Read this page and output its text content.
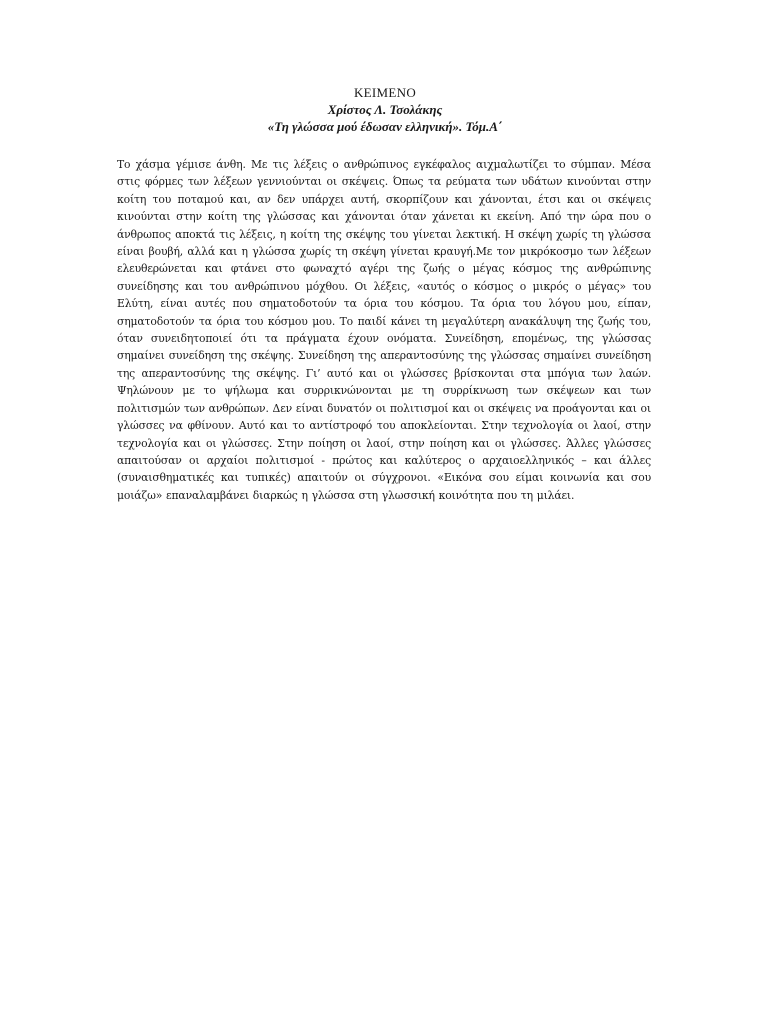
ΚΕΙΜΕΝΟ
Χρίστος Λ. Τσολάκης
«Τη γλώσσα μού έδωσαν ελληνική». Τόμ.Α΄

Το χάσμα γέμισε άνθη. Με τις λέξεις ο ανθρώπινος εγκέφαλος αιχμαλωτίζει το σύμπαν. Μέσα στις φόρμες των λέξεων γεννιούνται οι σκέψεις. Όπως τα ρεύματα των υδάτων κινούνται στην κοίτη του ποταμού και, αν δεν υπάρχει αυτή, σκορπίζουν και χάνονται, έτσι και οι σκέψεις κινούνται στην κοίτη της γλώσσας και χάνονται όταν χάνεται κι εκείνη. Από την ώρα που ο άνθρωπος αποκτά τις λέξεις, η κοίτη της σκέψης του γίνεται λεκτική. Η σκέψη χωρίς τη γλώσσα είναι βουβή, αλλά και η γλώσσα χωρίς τη σκέψη γίνεται κραυγή.Με τον μικρόκοσμο των λέξεων ελευθερώνεται και φτάνει στο φωναχτό αγέρι της ζωής ο μέγας κόσμος της ανθρώπινης συνείδησης και του ανθρώπινου μόχθου. Οι λέξεις, «αυτός ο κόσμος ο μικρός ο μέγας» του Ελύτη, είναι αυτές που σηματοδοτούν τα όρια του κόσμου. Τα όρια του λόγου μου, είπαν, σηματοδοτούν τα όρια του κόσμου μου. Το παιδί κάνει τη μεγαλύτερη ανακάλυψη της ζωής του, όταν συνειδητοποιεί ότι τα πράγματα έχουν ονόματα. Συνείδηση, επομένως, της γλώσσας σημαίνει συνείδηση της σκέψης. Συνείδηση της απεραντοσύνης της γλώσσας σημαίνει συνείδηση της απεραντοσύνης της σκέψης. Γι’ αυτό και οι γλώσσες βρίσκονται στα μπόγια των λαών. Ψηλώνουν με το ψήλωμα και συρρικνώνονται με τη συρρίκνωση των σκέψεων και των πολιτισμών των ανθρώπων. Δεν είναι δυνατόν οι πολιτισμοί και οι σκέψεις να προάγονται και οι γλώσσες να φθίνουν. Αυτό και το αντίστροφό του αποκλείονται. Στην τεχνολογία οι λαοί, στην τεχνολογία και οι γλώσσες. Στην ποίηση οι λαοί, στην ποίηση και οι γλώσσες. Άλλες γλώσσες απαιτούσαν οι αρχαίοι πολιτισμοί - πρώτος και καλύτερος ο αρχαιοελληνικός – και άλλες (συναισθηματικές και τυπικές) απαιτούν οι σύγχρονοι. «Εικόνα σου είμαι κοινωνία και σου μοιάζω» επαναλαμβάνει διαρκώς η γλώσσα στη γλωσσική κοινότητα που τη μιλάει.
